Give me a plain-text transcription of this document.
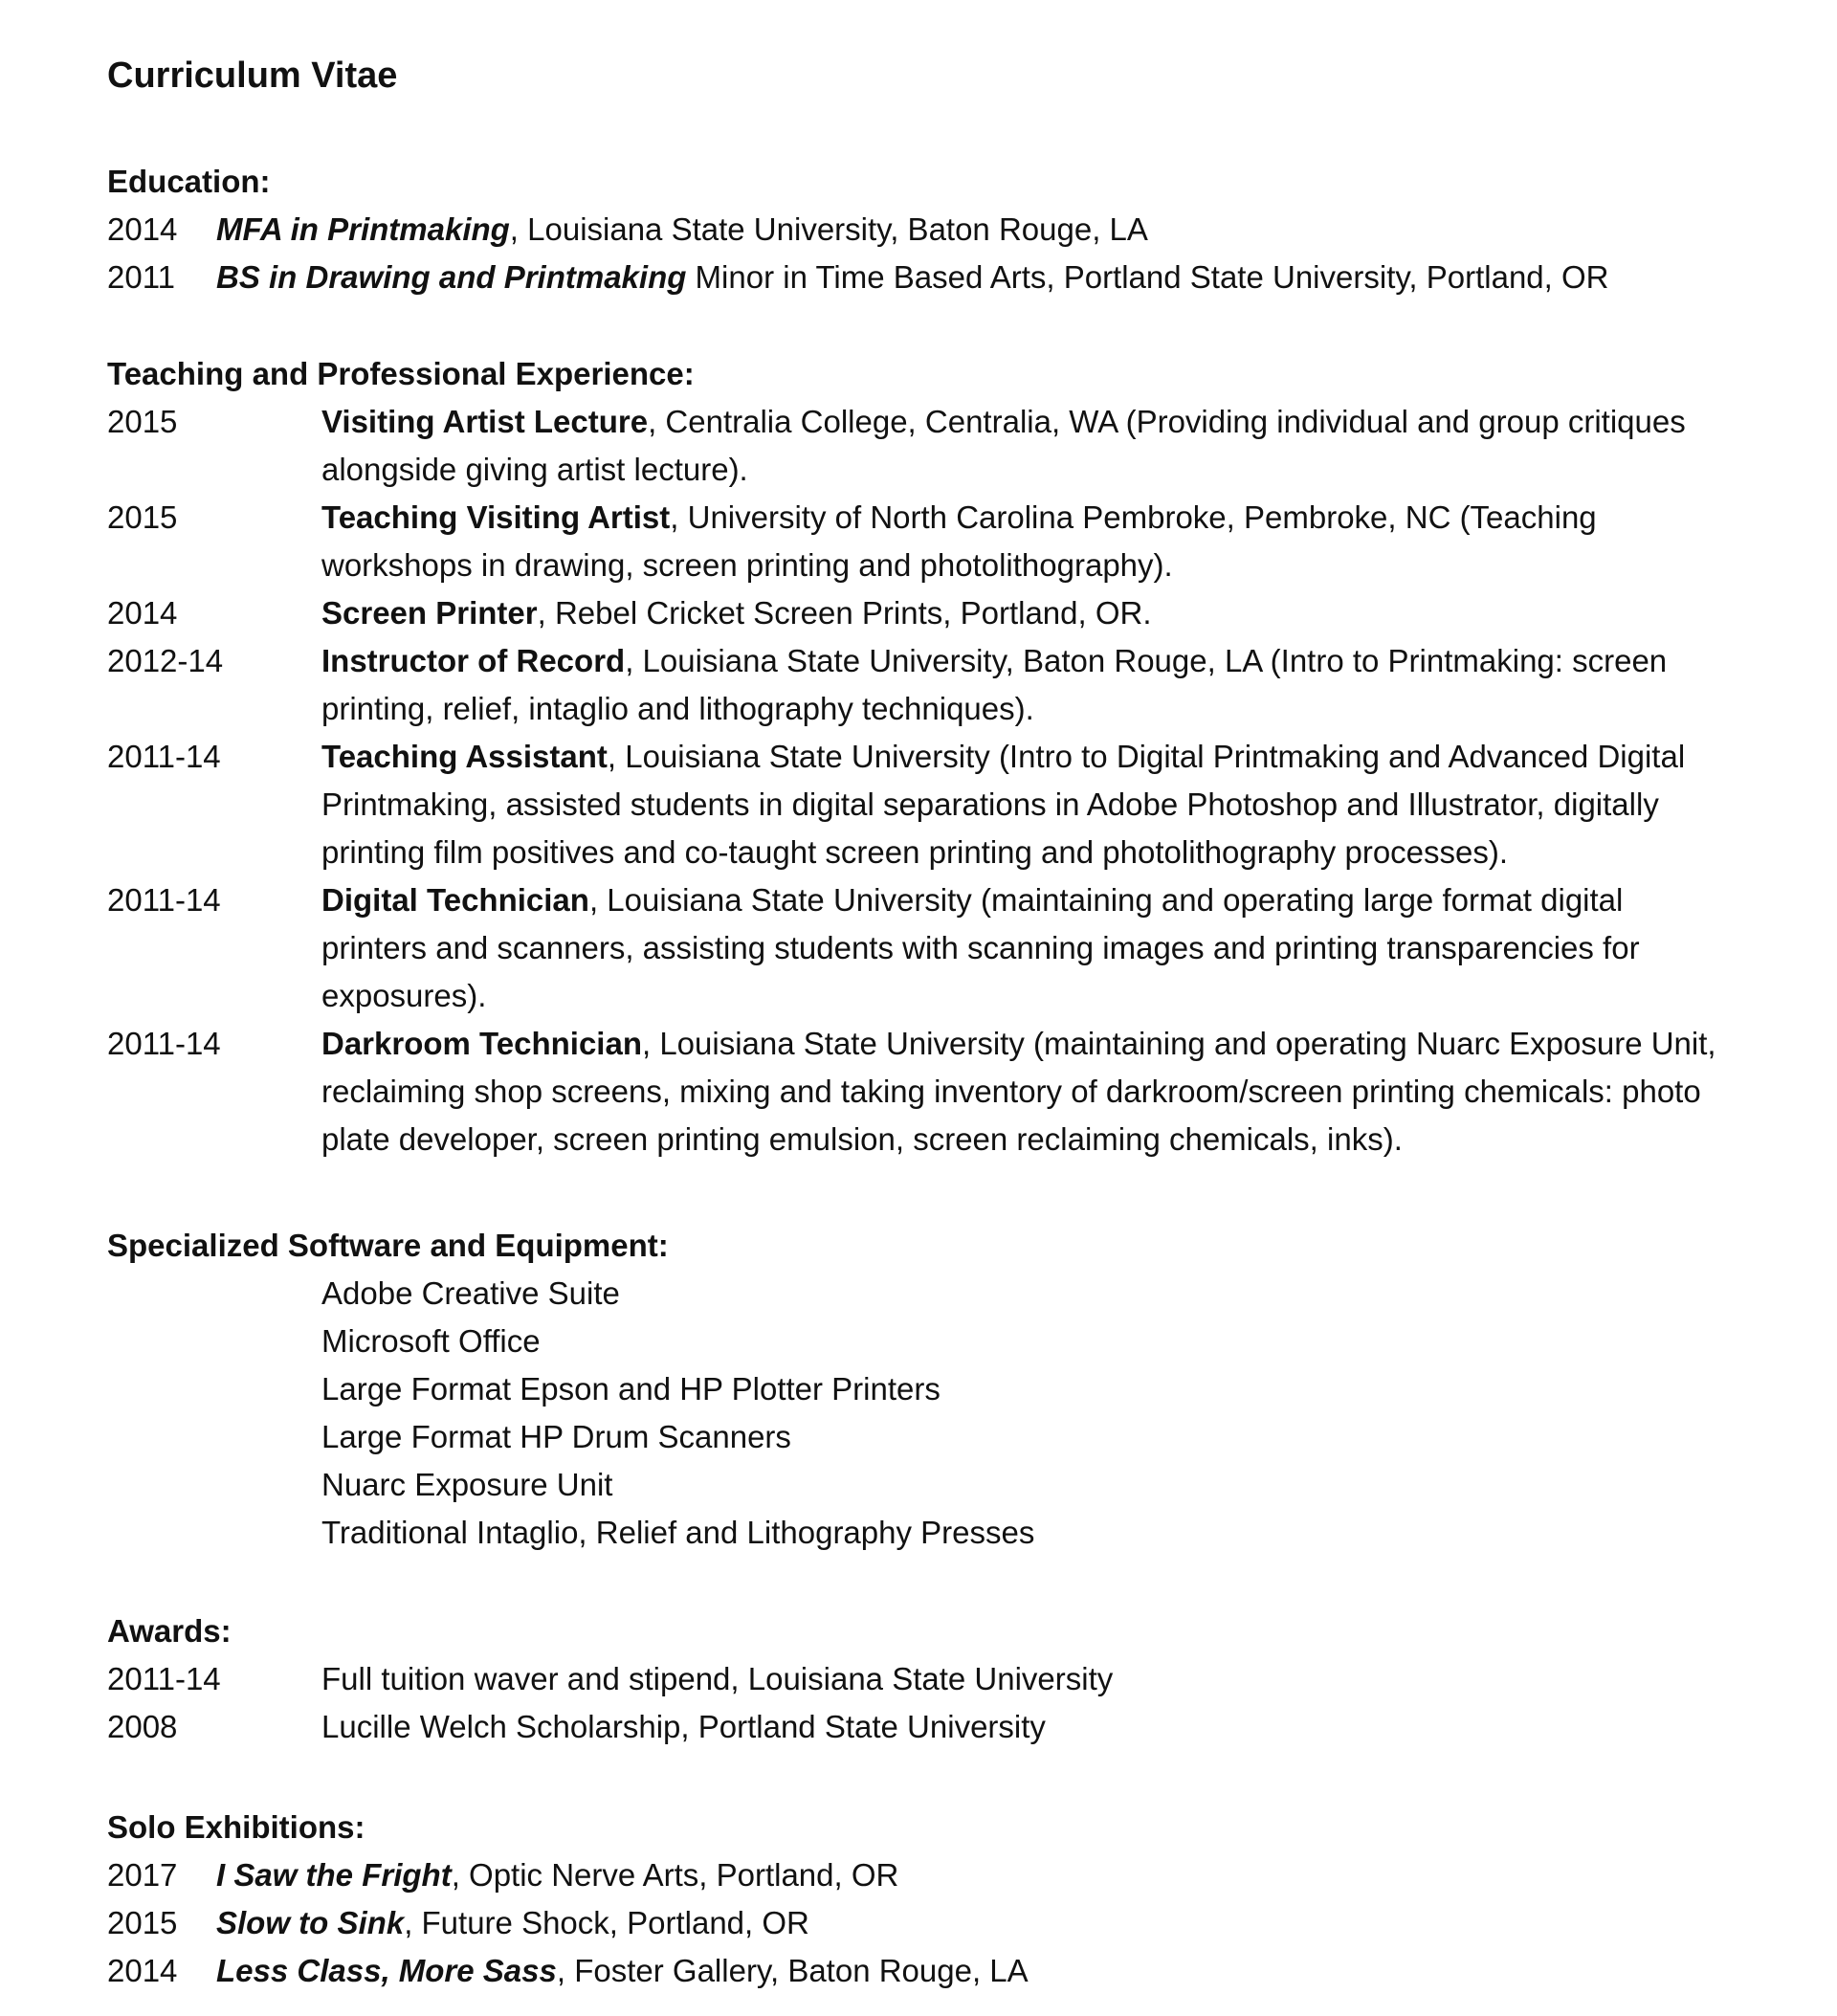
Curriculum Vitae
Education:
2014	MFA in Printmaking, Louisiana State University, Baton Rouge, LA
2011	BS in Drawing and Printmaking Minor in Time Based Arts, Portland State University, Portland, OR
Teaching and Professional Experience:
2015	Visiting Artist Lecture, Centralia College, Centralia, WA (Providing individual and group critiques alongside giving artist lecture).
2015	Teaching Visiting Artist, University of North Carolina Pembroke, Pembroke, NC (Teaching workshops in drawing, screen printing and photolithography).
2014	Screen Printer, Rebel Cricket Screen Prints, Portland, OR.
2012-14	Instructor of Record, Louisiana State University, Baton Rouge, LA (Intro to Printmaking: screen printing, relief, intaglio and lithography techniques).
2011-14	Teaching Assistant, Louisiana State University (Intro to Digital Printmaking and Advanced Digital Printmaking, assisted students in digital separations in Adobe Photoshop and Illustrator, digitally printing film positives and co-taught screen printing and photolithography processes).
2011-14	Digital Technician, Louisiana State University (maintaining and operating large format digital printers and scanners, assisting students with scanning images and printing transparencies for exposures).
2011-14	Darkroom Technician, Louisiana State University (maintaining and operating Nuarc Exposure Unit, reclaiming shop screens, mixing and taking inventory of darkroom/screen printing chemicals: photo plate developer, screen printing emulsion, screen reclaiming chemicals, inks).
Specialized Software and Equipment:
Adobe Creative Suite
Microsoft Office
Large Format Epson and HP Plotter Printers
Large Format HP Drum Scanners
Nuarc Exposure Unit
Traditional Intaglio, Relief and Lithography Presses
Awards:
2011-14	Full tuition waver and stipend, Louisiana State University
2008	Lucille Welch Scholarship, Portland State University
Solo Exhibitions:
2017	I Saw the Fright, Optic Nerve Arts, Portland, OR
2015	Slow to Sink, Future Shock, Portland, OR
2014	Less Class, More Sass, Foster Gallery, Baton Rouge, LA
